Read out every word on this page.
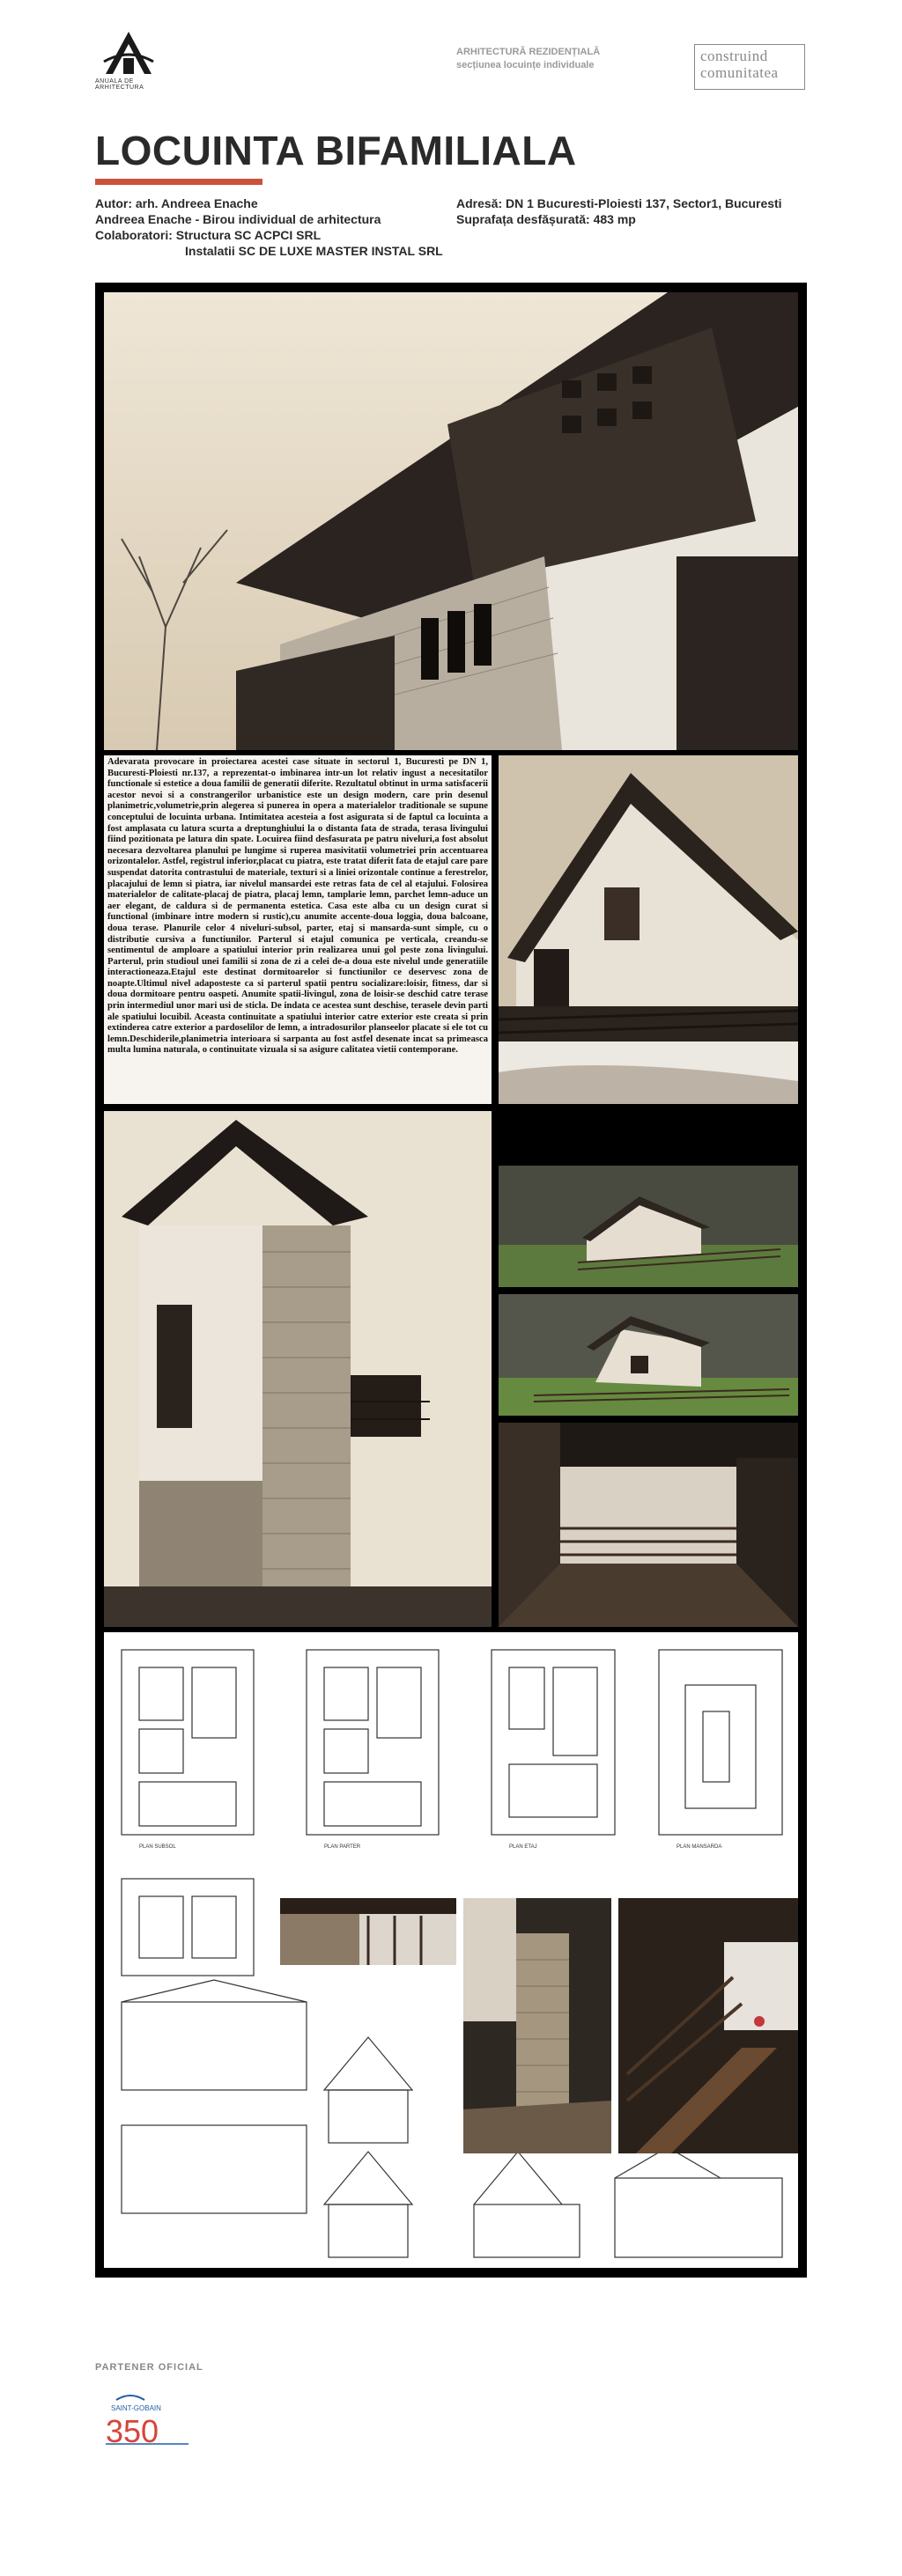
ANUALA DE ARHITECTURA
ARHITECTURĂ REZIDENȚIALĂ
secțiunea locuințe individuale
construind
comunitatea
LOCUINTA BIFAMILIALA
Autor: arh. Andreea Enache
Andreea Enache - Birou individual de arhitectura
Colaboratori: Structura SC ACPCI SRL
Instalatii SC DE LUXE MASTER INSTAL SRL
Adresă: DN 1 Bucuresti-Ploiesti 137, Sector1, Bucuresti
Suprafața desfășurată: 483 mp
Adevarata provocare in proiectarea acestei case situate in sectorul 1, Bucuresti pe DN 1, Bucuresti-Ploiesti nr.137, a reprezentat-o imbinarea intr-un lot relativ ingust a necesitatilor functionale si estetice a doua familii de generatii diferite. Rezultatul obtinut in urma satisfacerii acestor nevoi si a constrangerilor urbanistice este un design modern, care prin desenul planimetric,volumetrie,prin alegerea si punerea in opera a materialelor traditionale se supune conceptului de locuinta urbana. Intimitatea acesteia a fost asigurata si de faptul ca locuinta a fost amplasata cu latura scurta a dreptunghiului la o distanta fata de strada, terasa livingului fiind pozitionata pe latura din spate. Locuirea fiind desfasurata pe patru niveluri,a fost absolut necesara dezvoltarea planului pe lungime si ruperea masivitatii volumetriei prin accentuarea orizontalelor. Astfel, registrul inferior,placat cu piatra, este tratat diferit fata de etajul care pare suspendat datorita contrastului de materiale, texturi si a liniei orizontale continue a ferestrelor, placajului de lemn si piatra, iar nivelul mansardei este retras fata de cel al etajului. Folosirea materialelor de calitate-placaj de piatra, placaj lemn, tamplarie lemn, parchet lemn-aduce un aer elegant, de caldura si de permanenta estetica. Casa este alba cu un design curat si functional (imbinare intre modern si rustic),cu anumite accente-doua loggia, doua balcoane, doua terase. Planurile celor 4 niveluri-subsol, parter, etaj si mansarda-sunt simple, cu o distributie cursiva a functiunilor. Parterul si etajul comunica pe verticala, creandu-se sentimentul de amploare a spatiului interior prin realizarea unui gol peste zona livingului. Parterul, prin studioul unei familii si zona de zi a celei de-a doua este nivelul unde generatiile interactioneaza.Etajul este destinat dormitoarelor si functiunilor ce deservesc zona de noapte.Ultimul nivel adaposteste ca si parterul spatii pentru socializare:loisir, fitness, dar si doua dormitoare pentru oaspeti. Anumite spatii-livingul, zona de loisir-se deschid catre terase prin intermediul unor mari usi de sticla. De indata ce acestea sunt deschise, terasele devin parti ale spatiului locuibil. Aceasta continuitate a spatiului interior catre exterior este creata si prin extinderea catre exterior a pardoselilor de lemn, a intradosurilor planseelor placate si ele tot cu lemn.Deschiderile,planimetria interioara si sarpanta au fost astfel desenate incat sa primeasca multa lumina naturala, o continuitate vizuala si sa asigure calitatea vietii contemporane.
PLAN SUBSOL	PLAN PARTER	PLAN ETAJ	PLAN MANSARDA
PARTENER OFICIAL
SAINT-GOBAIN
350
